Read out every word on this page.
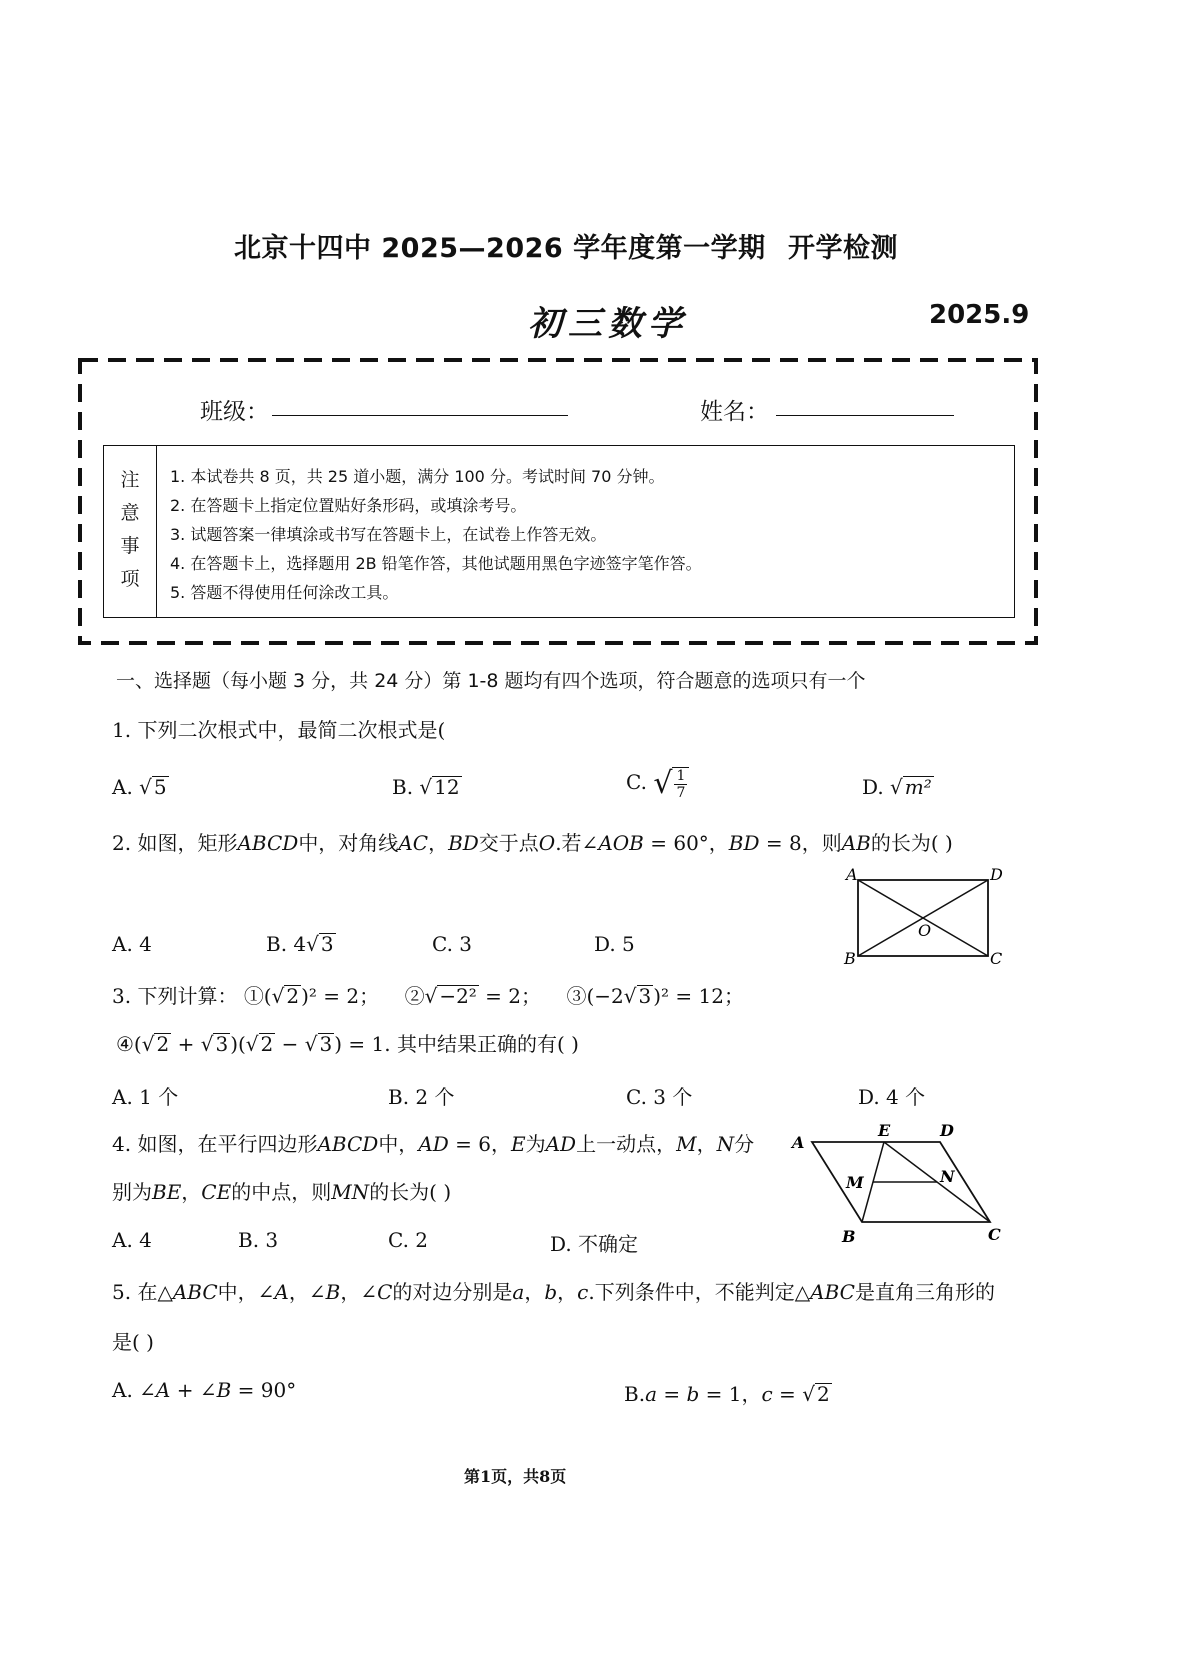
北京十四中 2025—2026 学年度第一学期 开学检测
初三数学	2025.9
班级：	姓名：
注
意
事
项
1. 本试卷共 8 页，共 25 道小题，满分 100 分。考试时间 70 分钟。
2. 在答题卡上指定位置贴好条形码，或填涂考号。
3. 试题答案一律填涂或书写在答题卡上，在试卷上作答无效。
4. 在答题卡上，选择题用 2B 铅笔作答，其他试题用黑色字迹签字笔作答。
5. 答题不得使用任何涂改工具。
一、选择题（每小题 3 分，共 24 分）第 1-8 题均有四个选项，符合题意的选项只有一个
1. 下列二次根式中，最简二次根式是(
A. √ 5	B. √ 12	C. √ $\frac{1}{7}$	D. √ m²
2. 如图，矩形ABCD中，对角线AC，BD交于点O.若∠AOB = 60°，BD = 8，则AB的长为( )
A. 4	B. 4√ 3	C. 3	D. 5
A	D
B	C
O
3. 下列计算： ①(√ 2 )² = 2； ②√ −2² = 2； ③(−2√ 3 )² = 12；
④(√ 2 + √ 3 )(√ 2 − √ 3 ) = 1. 其中结果正确的有( )
A. 1 个	B. 2 个	C. 3 个	D. 4 个
4. 如图，在平行四边形ABCD中，AD = 6，E为AD上一动点，M，N分
别为BE，CE的中点，则MN的长为( )
A. 4	B. 3	C. 2	D. 不确定
A
E	D
M	N
B	C
5. 在△ABC中，∠A，∠B，∠C的对边分别是a，b，c.下列条件中，不能判定△ABC是直角三角形的
是( )
A. ∠A + ∠B = 90°	B.a = b = 1，c = √ 2
第1页，共8页
